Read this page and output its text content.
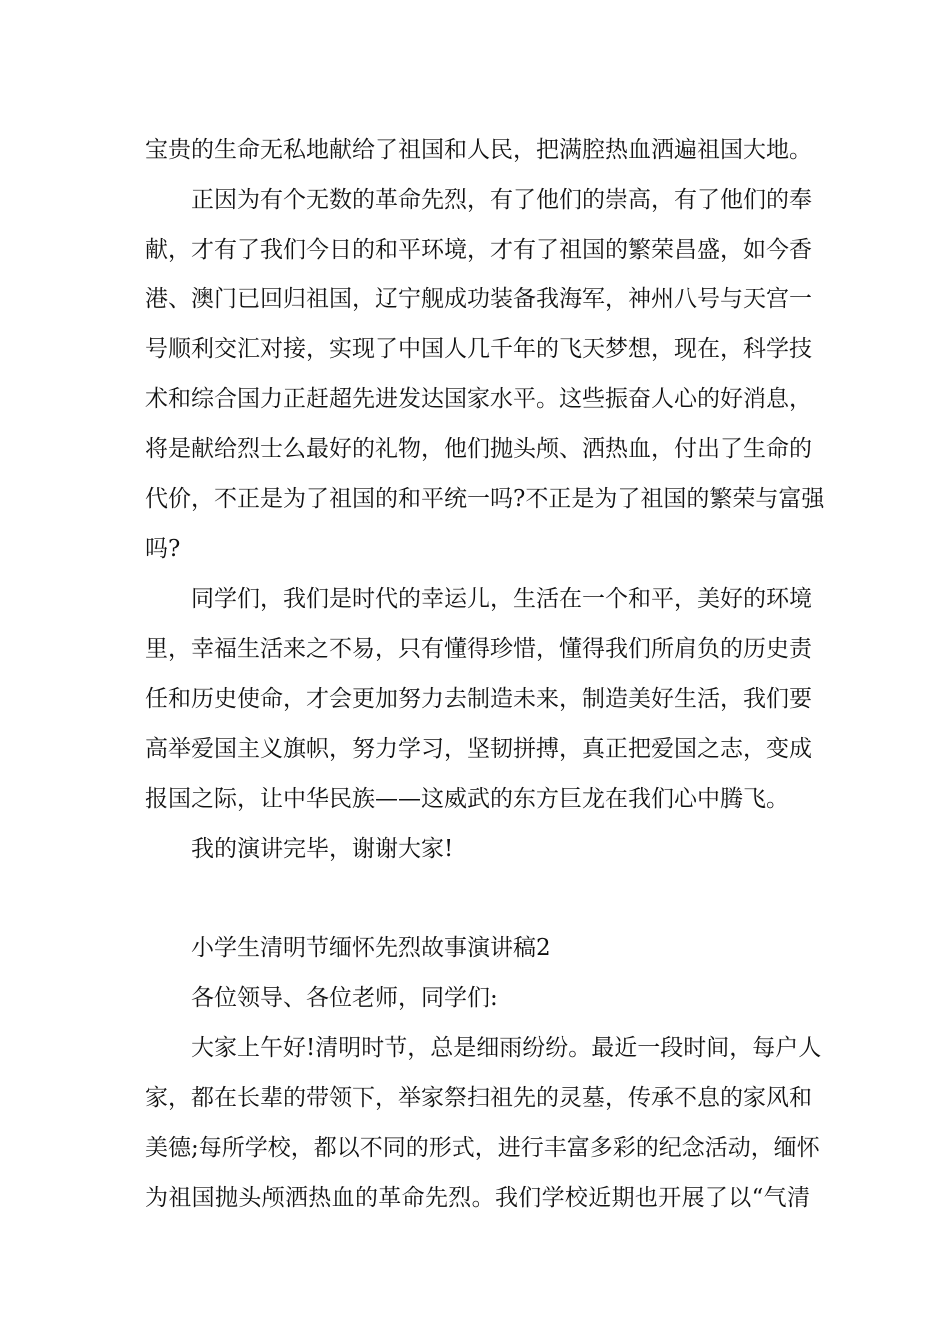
宝贵的生命无私地献给了祖国和人民，把满腔热血洒遍祖国大地。
正因为有个无数的革命先烈，有了他们的崇高，有了他们的奉
献，才有了我们今日的和平环境，才有了祖国的繁荣昌盛，如今香
港、澳门已回归祖国，辽宁舰成功装备我海军，神州八号与天宫一
号顺利交汇对接，实现了中国人几千年的飞天梦想，现在，科学技
术和综合国力正赶超先进发达国家水平。这些振奋人心的好消息，
将是献给烈士么最好的礼物，他们抛头颅、洒热血，付出了生命的
代价，不正是为了祖国的和平统一吗?不正是为了祖国的繁荣与富强
吗?
同学们，我们是时代的幸运儿，生活在一个和平，美好的环境
里，幸福生活来之不易，只有懂得珍惜，懂得我们所肩负的历史责
任和历史使命，才会更加努力去制造未来，制造美好生活，我们要
高举爱国主义旗帜，努力学习，坚韧拼搏，真正把爱国之志，变成
报国之际，让中华民族——这威武的东方巨龙在我们心中腾飞。
我的演讲完毕，谢谢大家!
小学生清明节缅怀先烈故事演讲稿2
各位领导、各位老师，同学们:
大家上午好!清明时节，总是细雨纷纷。最近一段时间，每户人
家，都在长辈的带领下，举家祭扫祖先的灵墓，传承不息的家风和
美德;每所学校，都以不同的形式，进行丰富多彩的纪念活动，缅怀
为祖国抛头颅洒热血的革命先烈。我们学校近期也开展了以“气清
